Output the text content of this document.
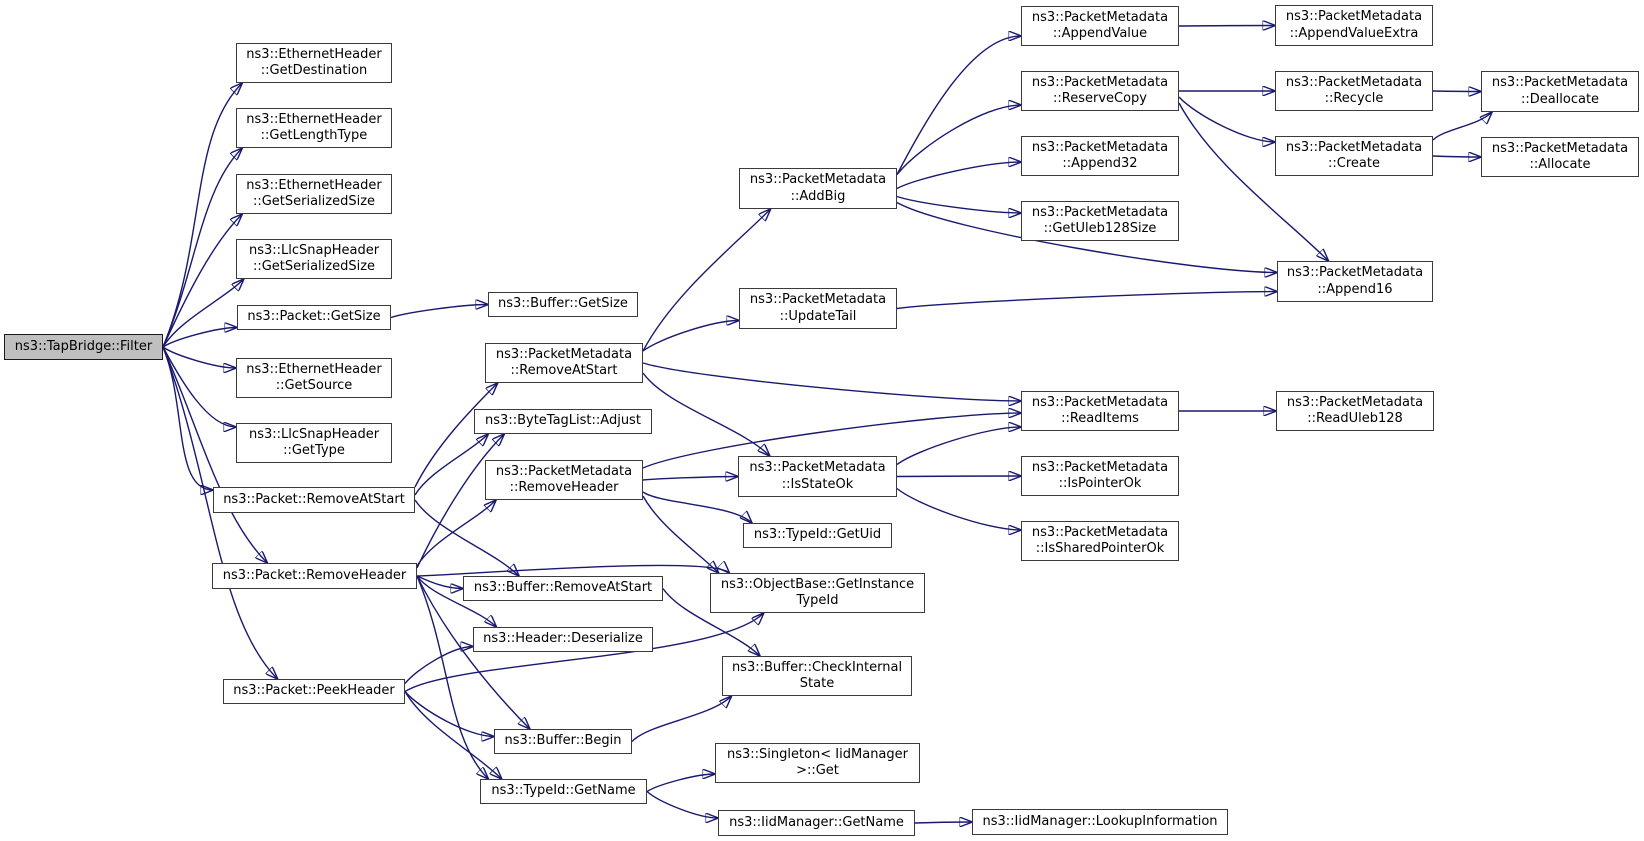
ns3::TapBridge::Filter
ns3::EthernetHeader
::GetDestination
ns3::EthernetHeader
::GetLengthType
ns3::EthernetHeader
::GetSerializedSize
ns3::LlcSnapHeader
::GetSerializedSize
ns3::Packet::GetSize
ns3::EthernetHeader
::GetSource
ns3::LlcSnapHeader
::GetType
ns3::Packet::RemoveAtStart
ns3::Packet::RemoveHeader
ns3::Packet::PeekHeader
ns3::Buffer::GetSize
ns3::PacketMetadata
::RemoveAtStart
ns3::ByteTagList::Adjust
ns3::PacketMetadata
::RemoveHeader
ns3::Buffer::RemoveAtStart
ns3::Header::Deserialize
ns3::Buffer::Begin
ns3::TypeId::GetName
ns3::PacketMetadata
::AddBig
ns3::PacketMetadata
::UpdateTail
ns3::PacketMetadata
::IsStateOk
ns3::TypeId::GetUid
ns3::ObjectBase::GetInstance
TypeId
ns3::Buffer::CheckInternal
State
ns3::Singleton< IidManager
>::Get
ns3::IidManager::GetName
ns3::PacketMetadata
::AppendValue
ns3::PacketMetadata
::ReserveCopy
ns3::PacketMetadata
::Append32
ns3::PacketMetadata
::GetUleb128Size
ns3::PacketMetadata
::ReadItems
ns3::PacketMetadata
::IsPointerOk
ns3::PacketMetadata
::IsSharedPointerOk
ns3::IidManager::LookupInformation
ns3::PacketMetadata
::AppendValueExtra
ns3::PacketMetadata
::Recycle
ns3::PacketMetadata
::Create
ns3::PacketMetadata
::Append16
ns3::PacketMetadata
::ReadUleb128
ns3::PacketMetadata
::Deallocate
ns3::PacketMetadata
::Allocate
